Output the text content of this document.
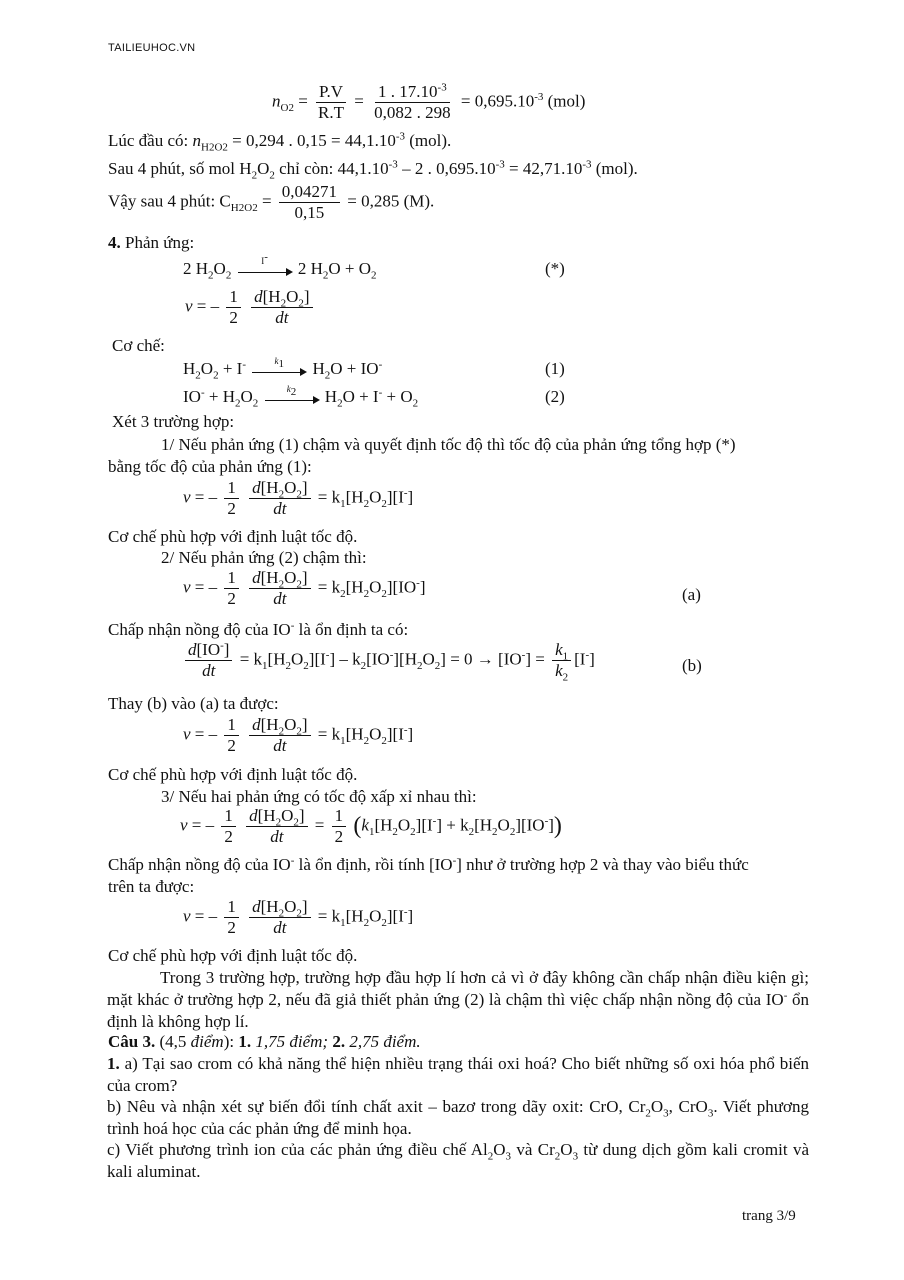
TAILIEUHOC.VN
$n_{O2} = \frac{P.V}{R.T} = \frac{1 . 17.10^{-3}}{0,082 . 298} = 0,695.10^{-3}$ (mol)
Lúc đầu có: $n_{H2O2} = 0,294$ . $0,15 = 44,1.10^{-3}$ (mol).
Sau 4 phút, số mol $H_2O_2$ chỉ còn: $44,1.10^{-3} - 2$ . $0,695.10^{-3} = 42,71.10^{-3}$ (mol).
Vậy sau 4 phút: $C_{H2O2} = \frac{0,04271}{0,15} = 0,285$ (M).
4. Phản ứng:
2 $H_2O_2$
I-
2 $H_2O + O_2$	(*)
v = – $\frac{1}{2}$
$\frac{d[H_2O_2]}{dt}$
Cơ chế:
$H_2O_2 + I^-$	$k_1$	$H_2O + IO^-$	(1)
$IO^- + H_2O_2$
$k_2$	$H_2O + I^- + O_2$	(2)
Xét 3 trường hợp:
1/ Nếu phản ứng (1) chậm và quyết định tốc độ thì tốc độ của phản ứng tổng hợp (*)
bằng tốc độ của phản ứng (1):
v = – $\frac{1}{2}$
$\frac{d[H_2O_2]}{dt} = k_1[H_2O_2][I^-]$
Cơ chế phù hợp với định luật tốc độ.
2/ Nếu phản ứng (2) chậm thì:
v = – $\frac{1}{2}$
$\frac{d[H_2O_2]}{dt} = k_2[H_2O_2][IO^-]$	(a)
Chấp nhận nồng độ của IO- là ổn định ta có:
$\frac{d[IO^-]}{dt} = k_1[H_2O_2][I^-] - k_2[IO^-][H_2O_2] = 0 \to [IO^-] = \frac{k_1}{k_2} [I^-]$	(b)
Thay (b) vào (a) ta được:
v = – $\frac{1}{2}$
$\frac{d[H_2O_2]}{dt} = k_1[H_2O_2][I^-]$
Cơ chế phù hợp với định luật tốc độ.
3/ Nếu hai phản ứng có tốc độ xấp xỉ nhau thì:
v = – $\frac{1}{2}$
$\frac{d[H_2O_2]}{dt} = \frac{1}{2} (k_1[H_2O_2][I^-] + k_2[H_2O_2][IO^-])$
Chấp nhận nồng độ của IO- là ổn định, rồi tính [IO-] như ở trường hợp 2 và thay vào biểu thức
trên ta được:
v = – $\frac{1}{2}$
$\frac{d[H_2O_2]}{dt} = k_1[H_2O_2][I^-]$
Cơ chế phù hợp với định luật tốc độ.
Trong 3 trường hợp, trường hợp đầu hợp lí hơn cả vì ở đây không cần chấp nhận điều kiện gì; mặt khác ở trường hợp 2, nếu đã giả thiết phản ứng (2) là chậm thì việc chấp nhận nồng độ của IO- ổn định là không hợp lí.
Câu 3. (4,5 điểm): 1. 1,75 điểm; 2. 2,75 điểm.
1. a) Tại sao crom có khả năng thể hiện nhiều trạng thái oxi hoá? Cho biết những số oxi hóa phổ biến của crom?
b) Nêu và nhận xét sự biến đổi tính chất axit – bazơ trong dãy oxit: CrO, $Cr_2O_3$, CrO$_3$. Viết phương trình hoá học của các phản ứng để minh họa.
c) Viết phương trình ion của các phản ứng điều chế $Al_2O_3$ và $Cr_2O_3$ từ dung dịch gồm kali cromit và kali aluminat.
trang 3/9
